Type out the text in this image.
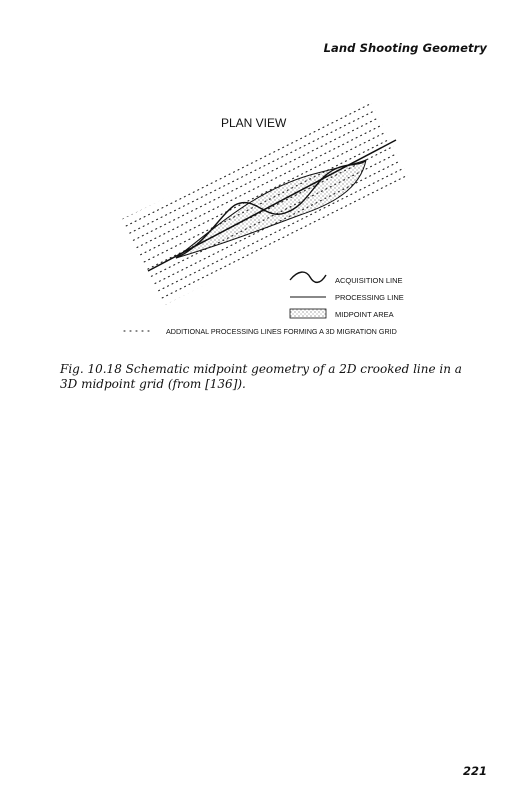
Land Shooting Geometry
PLAN VIEW
ACQUISITION LINE
PROCESSING LINE
MIDPOINT AREA
ADDITIONAL PROCESSING LINES FORMING A 3D MIGRATION GRID
Fig. 10.18 Schematic midpoint geometry of a 2D crooked line in a 3D midpoint grid (from [136]).
221
